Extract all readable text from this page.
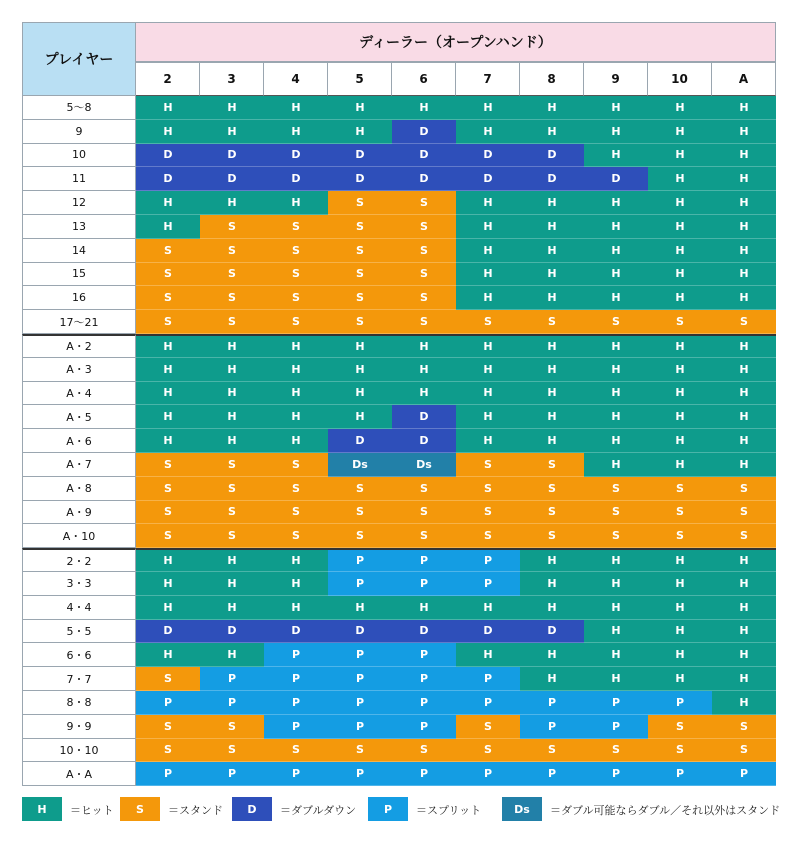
プレイヤー
ディーラー（オープンハンド）
2	3	4	5	6	7	8	9	10	A
5〜8	H	H	H	H	H	H	H	H	H	H
9	H	H	H	H	D	H	H	H	H	H
10	D	D	D	D	D	D	D	H	H	H
11	D	D	D	D	D	D	D	D	H	H
12	H	H	H	S	S	H	H	H	H	H
13	H	S	S	S	S	H	H	H	H	H
14	S	S	S	S	S	H	H	H	H	H
15	S	S	S	S	S	H	H	H	H	H
16	S	S	S	S	S	H	H	H	H	H
17〜21	S	S	S	S	S	S	S	S	S	S
A・2	H	H	H	H	H	H	H	H	H	H
A・3	H	H	H	H	H	H	H	H	H	H
A・4	H	H	H	H	H	H	H	H	H	H
A・5	H	H	H	H	D	H	H	H	H	H
A・6	H	H	H	D	D	H	H	H	H	H
A・7	S	S	S	Ds	Ds	S	S	H	H	H
A・8	S	S	S	S	S	S	S	S	S	S
A・9	S	S	S	S	S	S	S	S	S	S
A・10	S	S	S	S	S	S	S	S	S	S
2・2	H	H	H	P	P	P	H	H	H	H
3・3	H	H	H	P	P	P	H	H	H	H
4・4	H	H	H	H	H	H	H	H	H	H
5・5	D	D	D	D	D	D	D	H	H	H
6・6	H	H	P	P	P	H	H	H	H	H
7・7	S	P	P	P	P	P	H	H	H	H
8・8	P	P	P	P	P	P	P	P	P	H
9・9	S	S	P	P	P	S	P	P	S	S
10・10	S	S	S	S	S	S	S	S	S	S
A・A	P	P	P	P	P	P	P	P	P	P
H	＝ヒット	S	＝スタンド	D	＝ダブルダウン	P	＝スプリット	Ds	＝ダブル可能ならダブル／それ以外はスタンド
